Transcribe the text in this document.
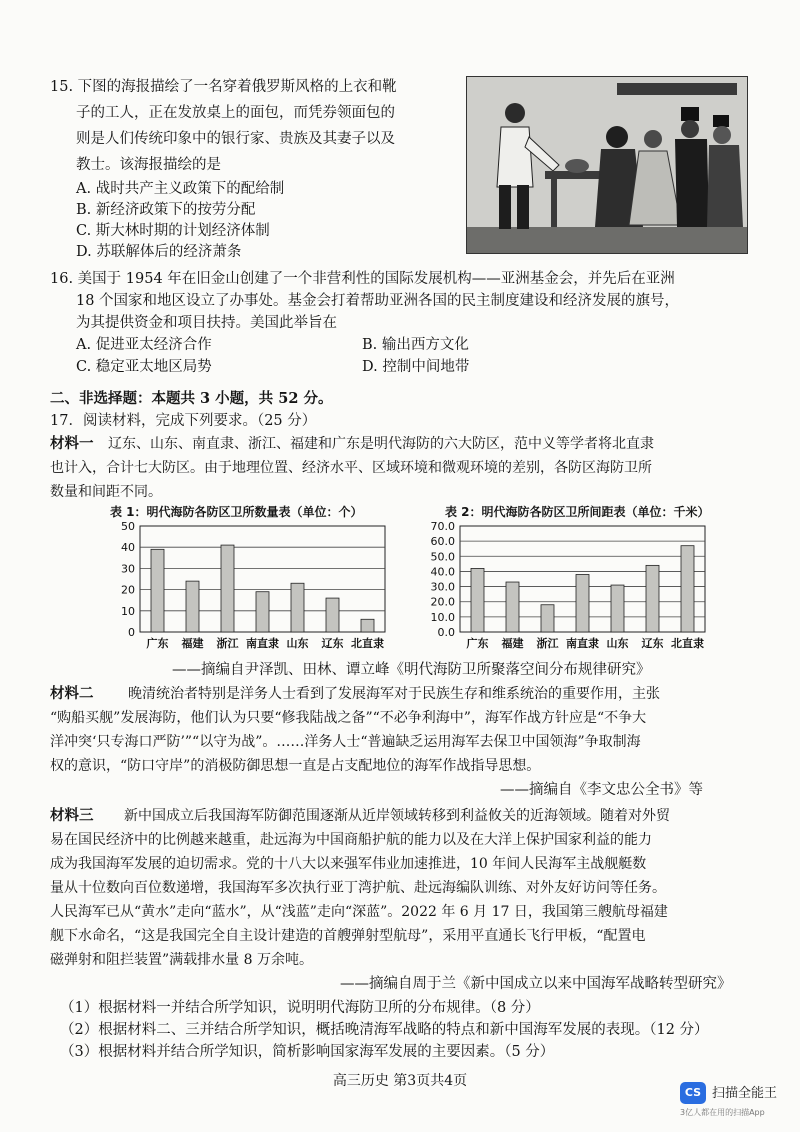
15. 下图的海报描绘了一名穿着俄罗斯风格的上衣和靴
子的工人，正在发放桌上的面包，而凭券领面包的
则是人们传统印象中的银行家、贵族及其妻子以及
教士。该海报描绘的是
A. 战时共产主义政策下的配给制
B. 新经济政策下的按劳分配
C. 斯大林时期的计划经济体制
D. 苏联解体后的经济萧条
16. 美国于 1954 年在旧金山创建了一个非营利性的国际发展机构——亚洲基金会，并先后在亚洲
18 个国家和地区设立了办事处。基金会打着帮助亚洲各国的民主制度建设和经济发展的旗号，
为其提供资金和项目扶持。美国此举旨在
A. 促进亚太经济合作	B. 输出西方文化
C. 稳定亚太地区局势	D. 控制中间地带
二、非选择题：本题共 3 小题，共 52 分。
17．阅读材料，完成下列要求。（25 分）
材料一 辽东、山东、南直隶、浙江、福建和广东是明代海防的六大防区，范中义等学者将北直隶
也计入，合计七大防区。由于地理位置、经济水平、区域环境和微观环境的差别，各防区海防卫所
数量和间距不同。
表 1：明代海防各防区卫所数量表（单位：个）	表 2：明代海防各防区卫所间距表（单位：千米）
50
40
30
20
10
0
广东 福建 浙江 南直隶 山东 辽东 北直隶
70.0
60.0
50.0
40.0
30.0
20.0
10.0
0.0
广东 福建 浙江 南直隶 山东 辽东 北直隶
——摘编自尹泽凯、田林、谭立峰《明代海防卫所聚落空间分布规律研究》
材料二 晚清统治者特别是洋务人士看到了发展海军对于民族生存和维系统治的重要作用，主张
“购船买舰”发展海防，他们认为只要“修我陆战之备”“不必争利海中”，海军作战方针应是“不争大
洋冲突‘只专海口严防’”“以守为战”。……洋务人士“普遍缺乏运用海军去保卫中国领海”争取制海
权的意识，“防口守岸”的消极防御思想一直是占支配地位的海军作战指导思想。
——摘编自《李文忠公全书》等
材料三 新中国成立后我国海军防御范围逐渐从近岸领域转移到利益攸关的近海领域。随着对外贸
易在国民经济中的比例越来越重，赴远海为中国商船护航的能力以及在大洋上保护国家利益的能力
成为我国海军发展的迫切需求。党的十八大以来强军伟业加速推进，10 年间人民海军主战舰艇数
量从十位数向百位数递增，我国海军多次执行亚丁湾护航、赴远海编队训练、对外友好访问等任务。
人民海军已从“黄水”走向“蓝水”，从“浅蓝”走向“深蓝”。2022 年 6 月 17 日，我国第三艘航母福建
舰下水命名，“这是我国完全自主设计建造的首艘弹射型航母”，采用平直通长飞行甲板，“配置电
磁弹射和阻拦装置”满载排水量 8 万余吨。
——摘编自周于兰《新中国成立以来中国海军战略转型研究》
（1）根据材料一并结合所学知识，说明明代海防卫所的分布规律。（8 分）
（2）根据材料二、三并结合所学知识，概括晚清海军战略的特点和新中国海军发展的表现。（12 分）
（3）根据材料并结合所学知识，简析影响国家海军发展的主要因素。（5 分）
高三历史 第3页共4页
CS 扫描全能王
3亿人都在用的扫描App
